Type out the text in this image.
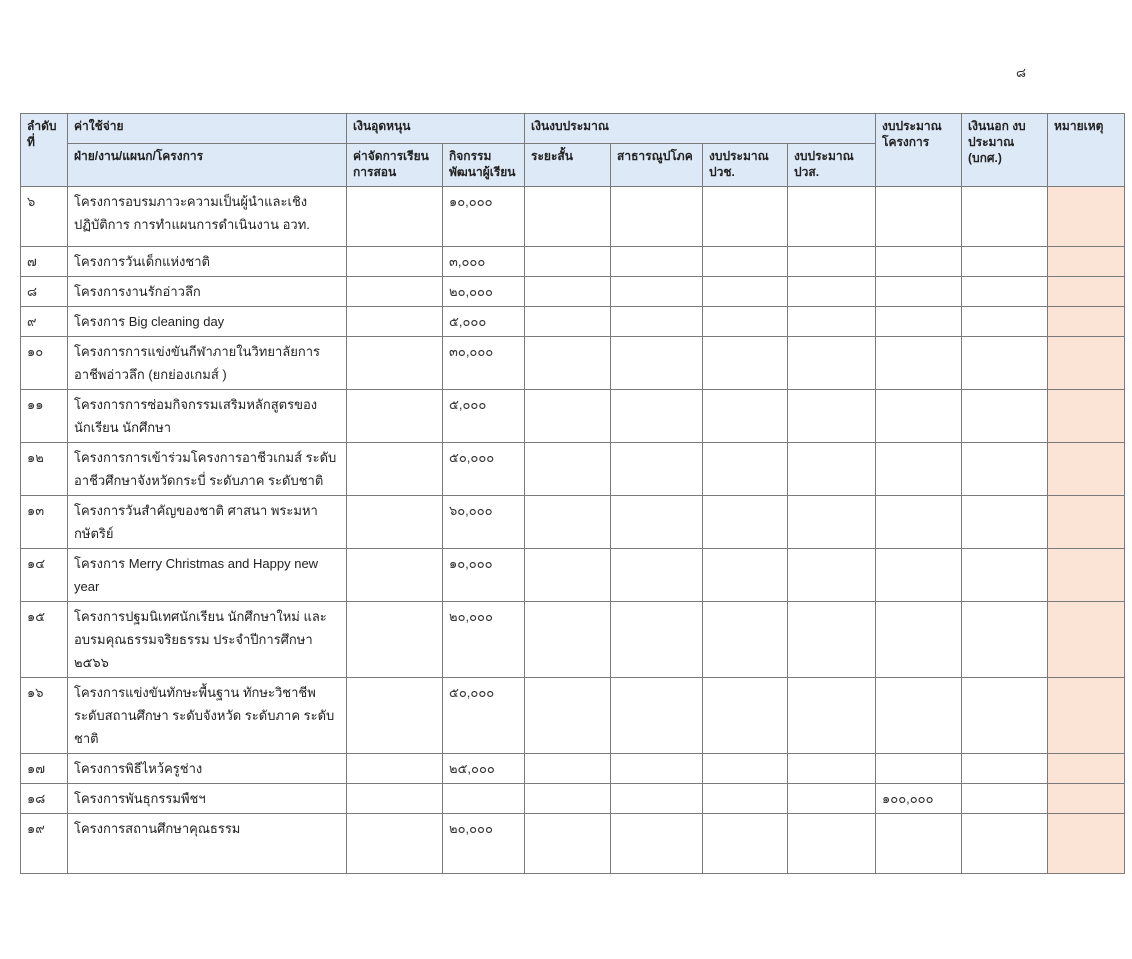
๘
ลำดับ ที่	ค่าใช้จ่าย	เงินอุดหนุน		เงินงบประมาณ				งบประมาณ โครงการ	เงินนอก งบประมาณ (บกศ.)	หมายเหตุ
	ฝ่าย/งาน/แผนก/โครงการ	ค่าจัดการเรียน การสอน	กิจกรรม พัฒนาผู้เรียน	ระยะสั้น	สาธารณูปโภค	งบประมาณ ปวช.	งบประมาณ ปวส.			
๖	โครงการอบรมภาวะความเป็นผู้นำและเชิงปฏิบัติการ การทำแผนการดำเนินงาน อวท.		๑๐,๐๐๐							
๗	โครงการวันเด็กแห่งชาติ		๓,๐๐๐							
๘	โครงการงานรักอ่าวลึก		๒๐,๐๐๐							
๙	โครงการ Big cleaning day		๕,๐๐๐							
๑๐	โครงการการแข่งขันกีฬาภายในวิทยาลัยการอาชีพอ่าวลึก (ยกย่องเกมส์ )		๓๐,๐๐๐							
๑๑	โครงการการซ่อมกิจกรรมเสริมหลักสูตรของนักเรียน นักศึกษา		๕,๐๐๐							
๑๒	โครงการการเข้าร่วมโครงการอาชีวเกมส์ ระดับอาชีวศึกษาจังหวัดกระบี่ ระดับภาค ระดับชาติ		๕๐,๐๐๐							
๑๓	โครงการวันสำคัญของชาติ ศาสนา พระมหากษัตริย์		๖๐,๐๐๐							
๑๔	โครงการ Merry Christmas and Happy new year		๑๐,๐๐๐							
๑๕	โครงการปฐมนิเทศนักเรียน นักศึกษาใหม่ และอบรมคุณธรรมจริยธรรม ประจำปีการศึกษา ๒๕๖๖		๒๐,๐๐๐							
๑๖	โครงการแข่งขันทักษะพื้นฐาน ทักษะวิชาชีพ ระดับสถานศึกษา ระดับจังหวัด ระดับภาค ระดับชาติ		๕๐,๐๐๐							
๑๗	โครงการพิธีไหว้ครูช่าง		๒๕,๐๐๐							
๑๘	โครงการพันธุกรรมพืชฯ							๑๐๐,๐๐๐		
๑๙	โครงการสถานศึกษาคุณธรรม		๒๐,๐๐๐							
